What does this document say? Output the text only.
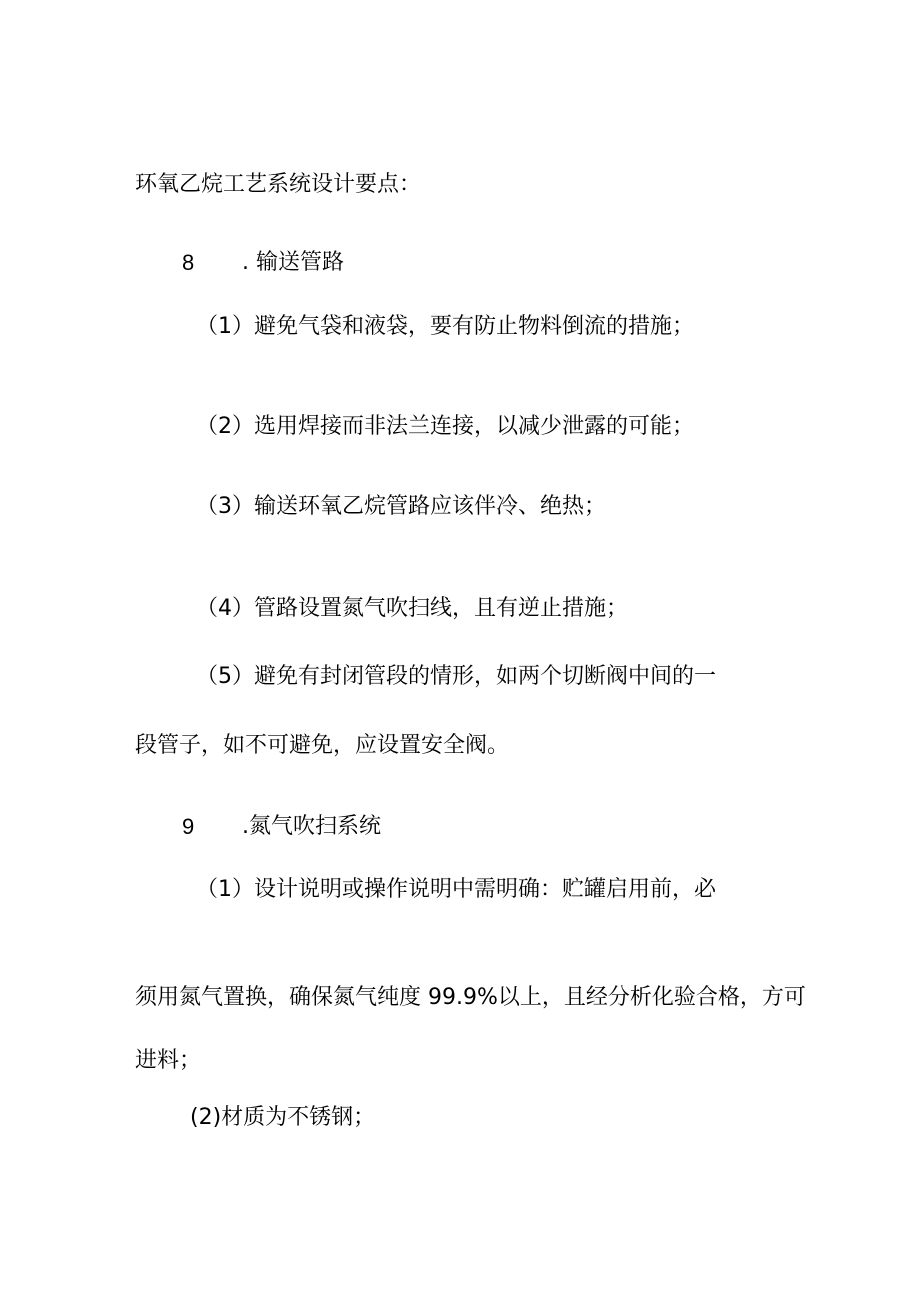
环氧乙烷工艺系统设计要点：
8 . 输送管路
（1）避免气袋和液袋，要有防止物料倒流的措施；
（2）选用焊接而非法兰连接，以减少泄露的可能；
（3）输送环氧乙烷管路应该伴冷、绝热；
（4）管路设置氮气吹扫线，且有逆止措施；
（5）避免有封闭管段的情形，如两个切断阀中间的一
段管子，如不可避免，应设置安全阀。
9 .氮气吹扫系统
（1）设计说明或操作说明中需明确：贮罐启用前，必
须用氮气置换，确保氮气纯度 99.9%以上，且经分析化验合格，方可
进料；
(2)材质为不锈钢；
